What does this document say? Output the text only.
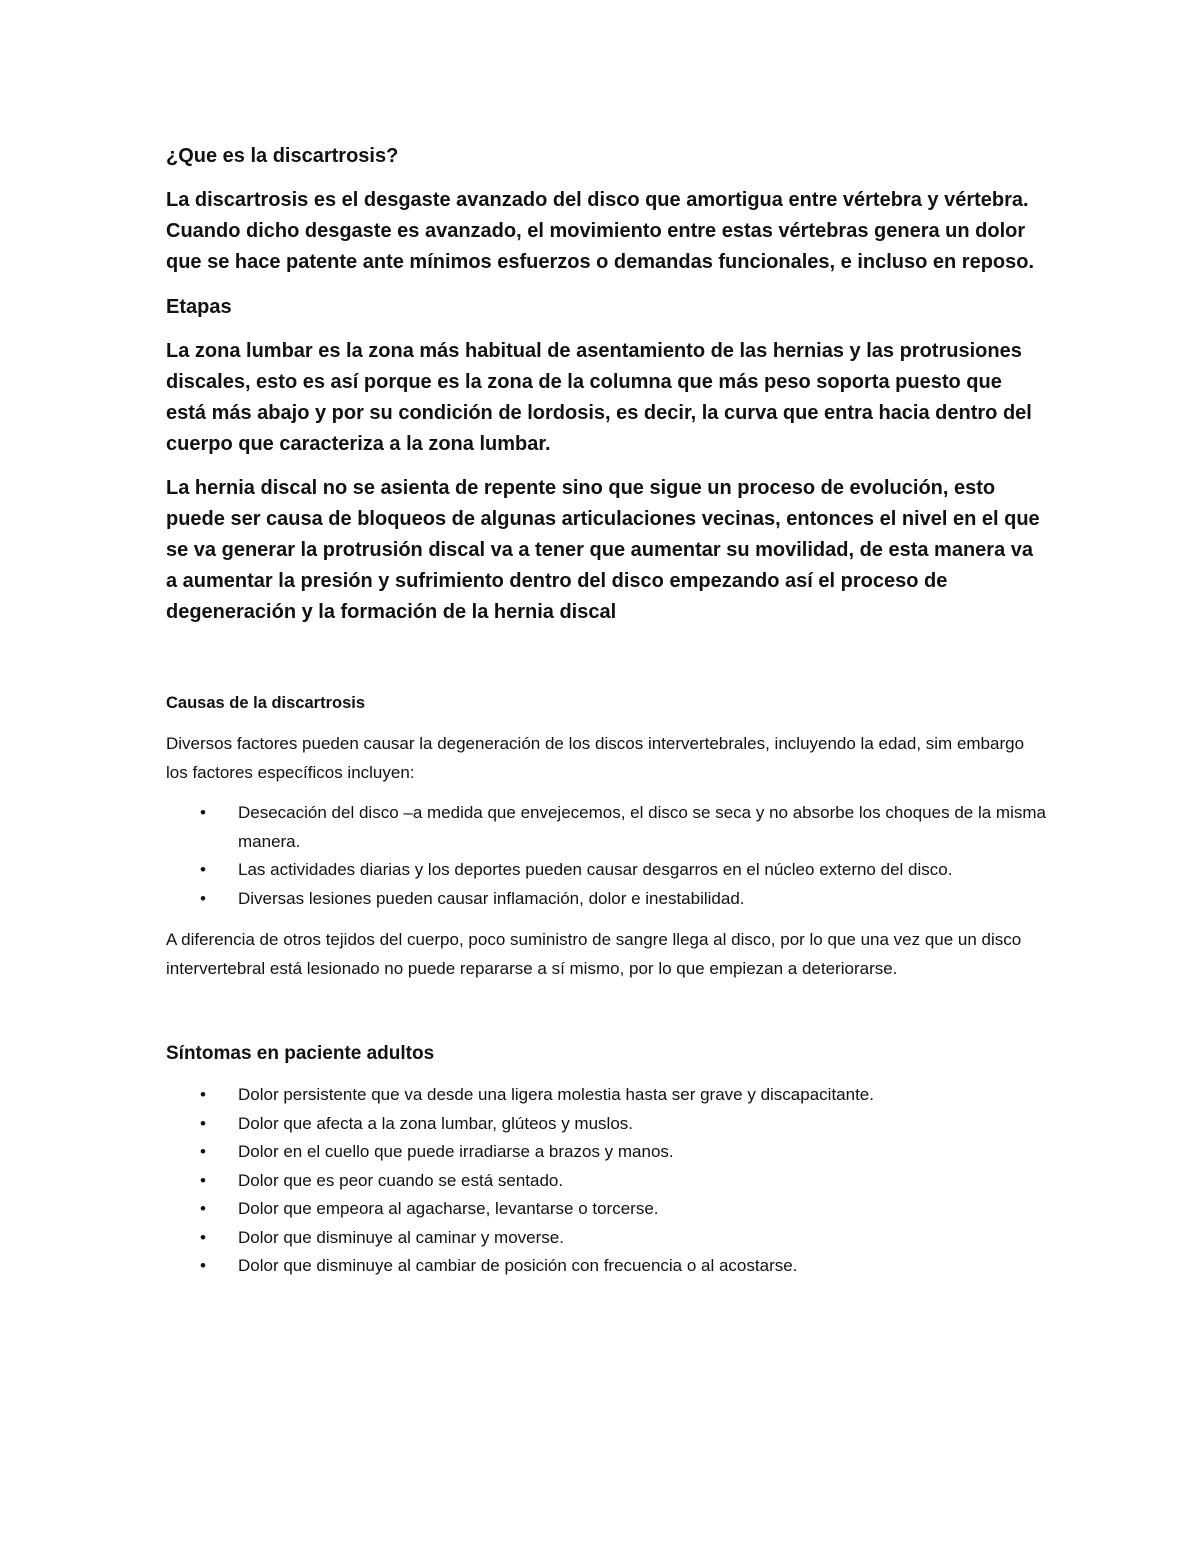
¿Que es la discartrosis?

La discartrosis es el desgaste avanzado del disco que amortigua entre vértebra y vértebra. Cuando dicho desgaste es avanzado, el movimiento entre estas vértebras genera un dolor que se hace patente ante mínimos esfuerzos o demandas funcionales, e incluso en reposo.

Etapas

La zona lumbar es la zona más habitual de asentamiento de las hernias y las protrusiones discales, esto es así porque es la zona de la columna que más peso soporta puesto que está más abajo y por su condición de lordosis, es decir, la curva que entra hacia dentro del cuerpo que caracteriza a la zona lumbar.

La hernia discal no se asienta de repente sino que sigue un proceso de evolución, esto puede ser causa de bloqueos de algunas articulaciones vecinas, entonces el nivel en el que se va generar la protrusión discal va a tener que aumentar su movilidad, de esta manera va a aumentar la presión y sufrimiento dentro del disco empezando así el proceso de degeneración y la formación de la hernia discal

Causas de la discartrosis

Diversos factores pueden causar la degeneración de los discos intervertebrales, incluyendo la edad, sim embargo los factores específicos incluyen:

• Desecación del disco –a medida que envejecemos, el disco se seca y no absorbe los choques de la misma manera.
• Las actividades diarias y los deportes pueden causar desgarros en el núcleo externo del disco.
• Diversas lesiones pueden causar inflamación, dolor e inestabilidad.

A diferencia de otros tejidos del cuerpo, poco suministro de sangre llega al disco, por lo que una vez que un disco intervertebral está lesionado no puede repararse a sí mismo, por lo que empiezan a deteriorarse.

Síntomas en paciente adultos
• Dolor persistente que va desde una ligera molestia hasta ser grave y discapacitante.
• Dolor que afecta a la zona lumbar, glúteos y muslos.
• Dolor en el cuello que puede irradiarse a brazos y manos.
• Dolor que es peor cuando se está sentado.
• Dolor que empeora al agacharse, levantarse o torcerse.
• Dolor que disminuye al caminar y moverse.
• Dolor que disminuye al cambiar de posición con frecuencia o al acostarse.
